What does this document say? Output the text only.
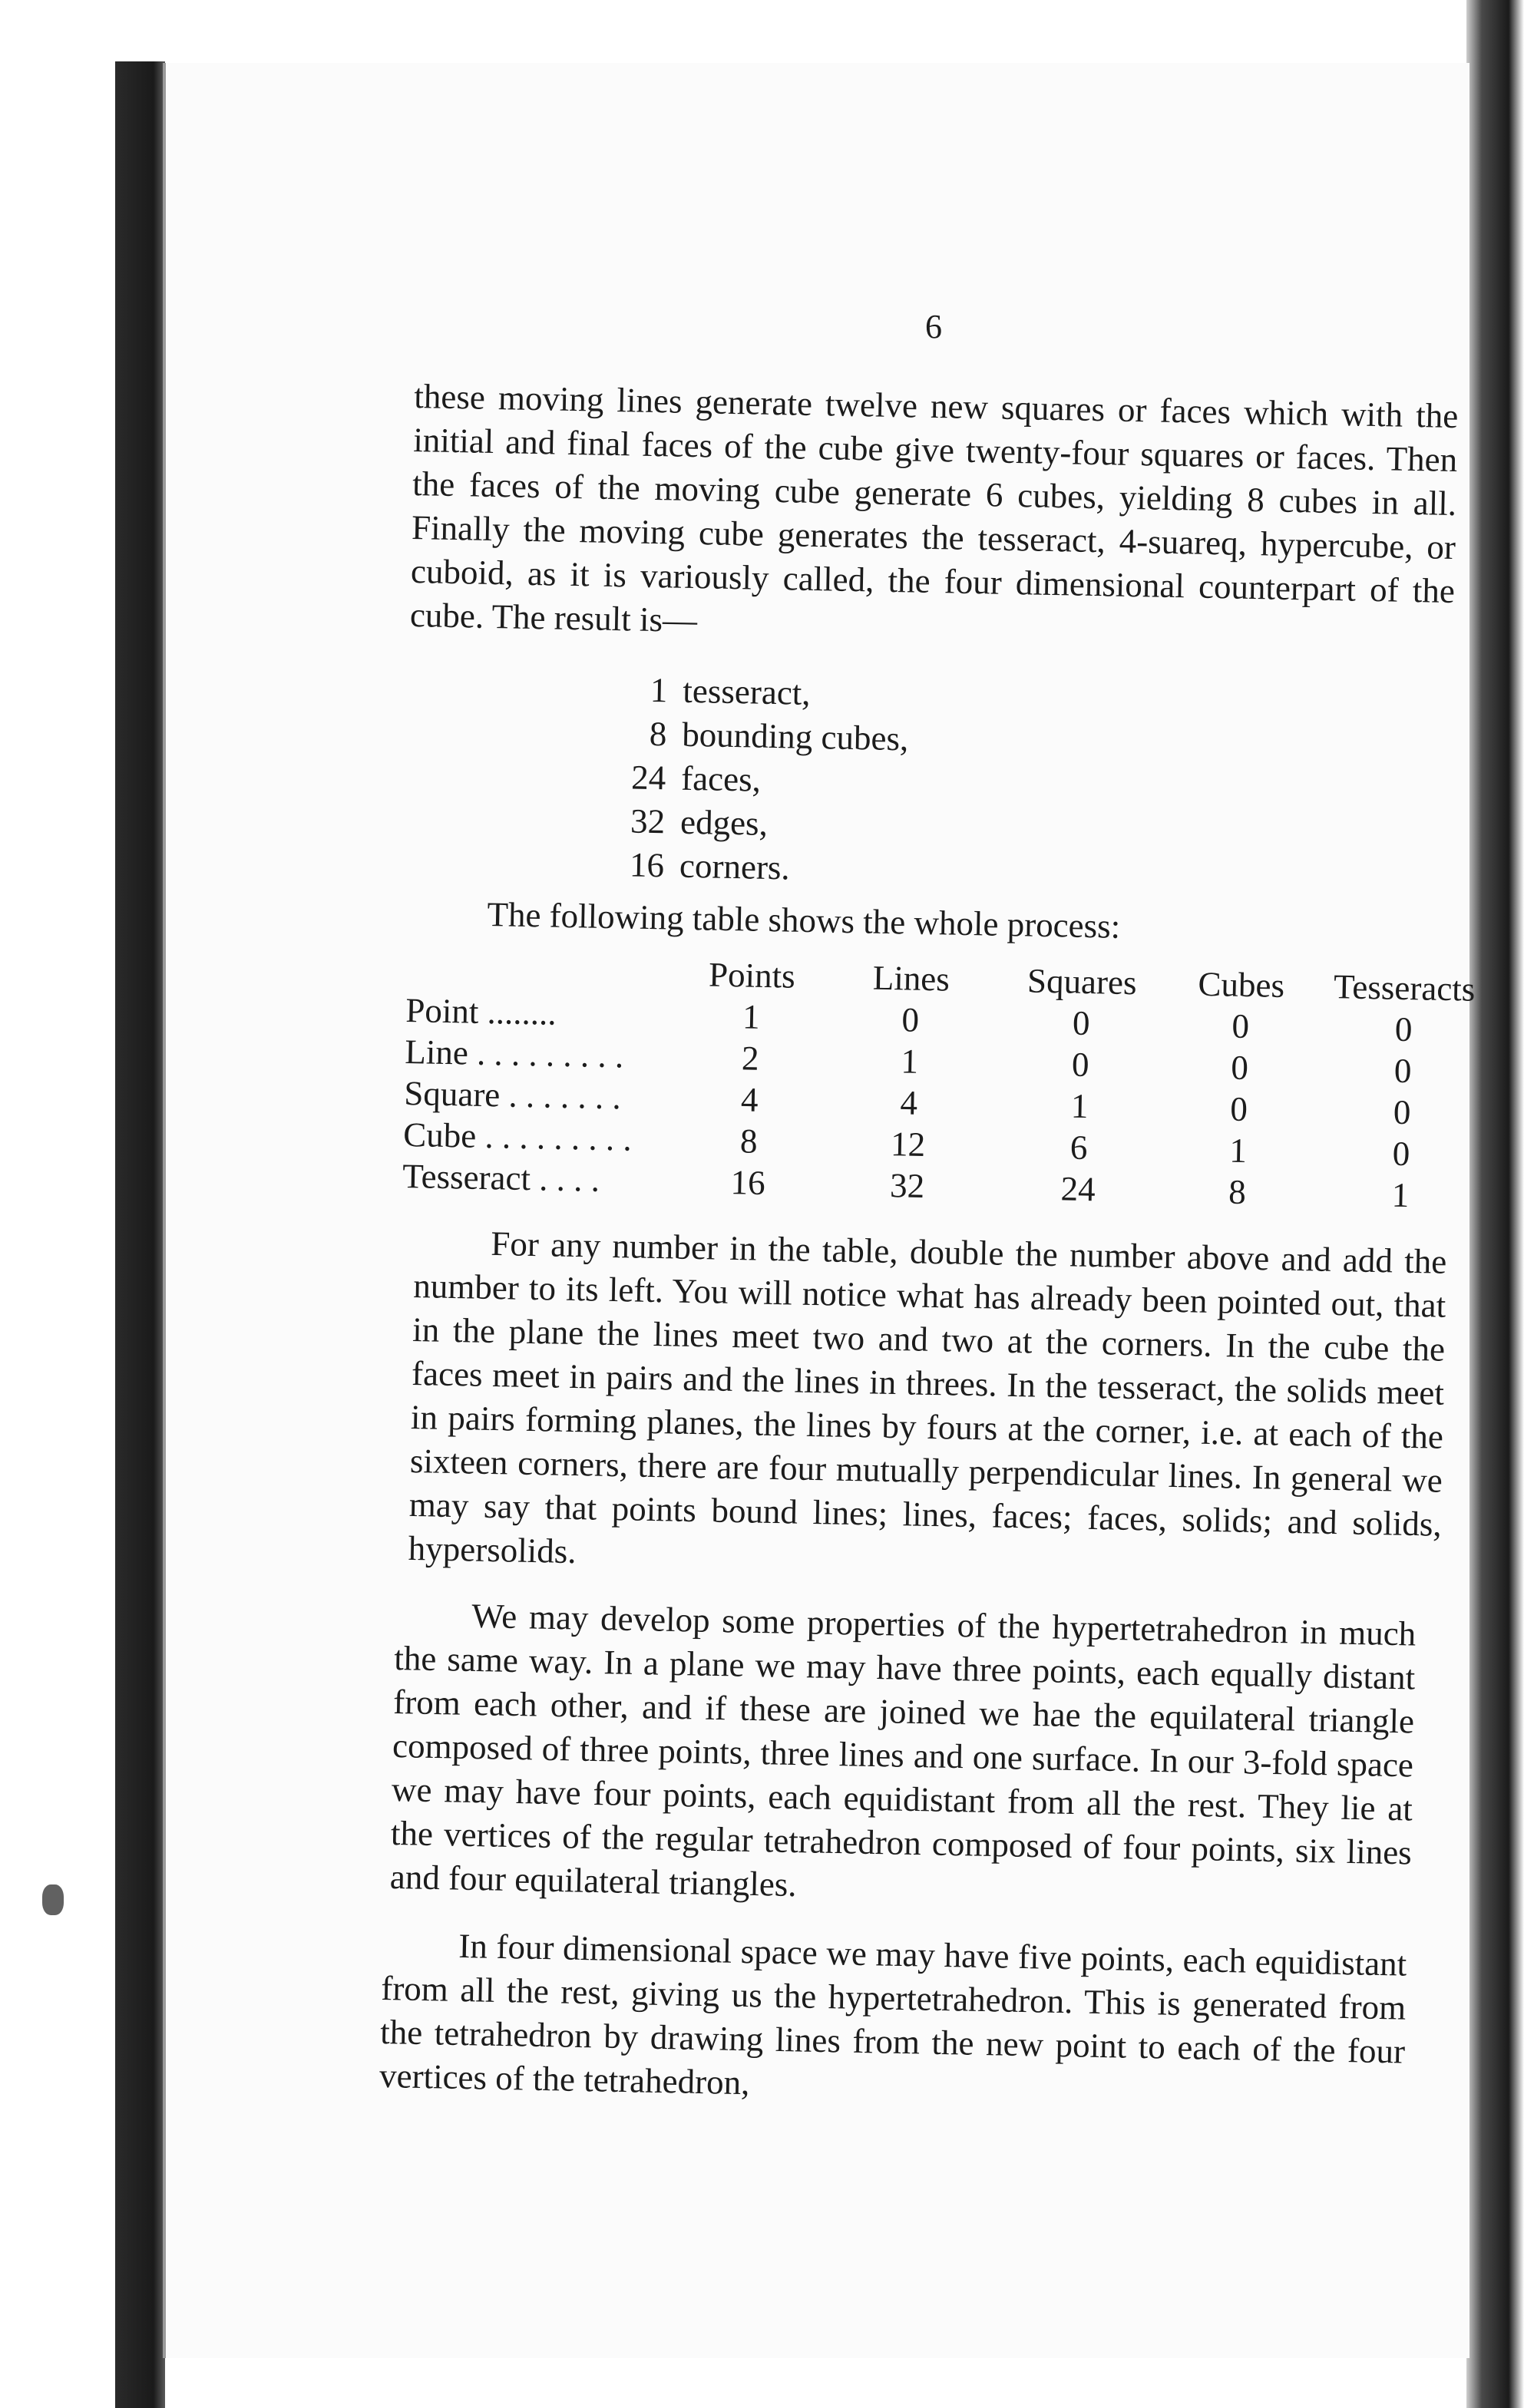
6

these moving lines generate twelve new squares or faces which with the initial and final faces of the cube give twenty-four squares or faces. Then the faces of the moving cube generate 6 cubes, yielding 8 cubes in all. Finally the moving cube generates the tesseract, 4-suareq, hypercube, or cuboid, as it is variously called, the four dimensional counterpart of the cube. The result is—

1 tesseract,
8 bounding cubes,
24 faces,
32 edges,
16 corners.
The following table shows the whole process:
	Points	Lines	Squares	Cubes	Tesseracts
Point ........	1	0	0	0	0
Line . . . . . . . . .	2	1	0	0	0
Square . . . . . . .	4	4	1	0	0
Cube . . . . . . . . .	8	12	6	1	0
Tesseract . . . .	16	32	24	8	1

For any number in the table, double the number above and add the number to its left. You will notice what has already been pointed out, that in the plane the lines meet two and two at the corners. In the cube the faces meet in pairs and the lines in threes. In the tesseract, the solids meet in pairs forming planes, the lines by fours at the corner, i.e. at each of the sixteen corners, there are four mutually perpendicular lines. In general we may say that points bound lines; lines, faces; faces, solids; and solids, hypersolids.

We may develop some properties of the hypertetrahedron in much the same way. In a plane we may have three points, each equally distant from each other, and if these are joined we hae the equilateral triangle composed of three points, three lines and one surface. In our 3-fold space we may have four points, each equidistant from all the rest. They lie at the vertices of the regular tetrahedron composed of four points, six lines and four equilateral triangles.

In four dimensional space we may have five points, each equidistant from all the rest, giving us the hypertetrahedron. This is generated from the tetrahedron by drawing lines from the new point to each of the four vertices of the tetrahedron,
